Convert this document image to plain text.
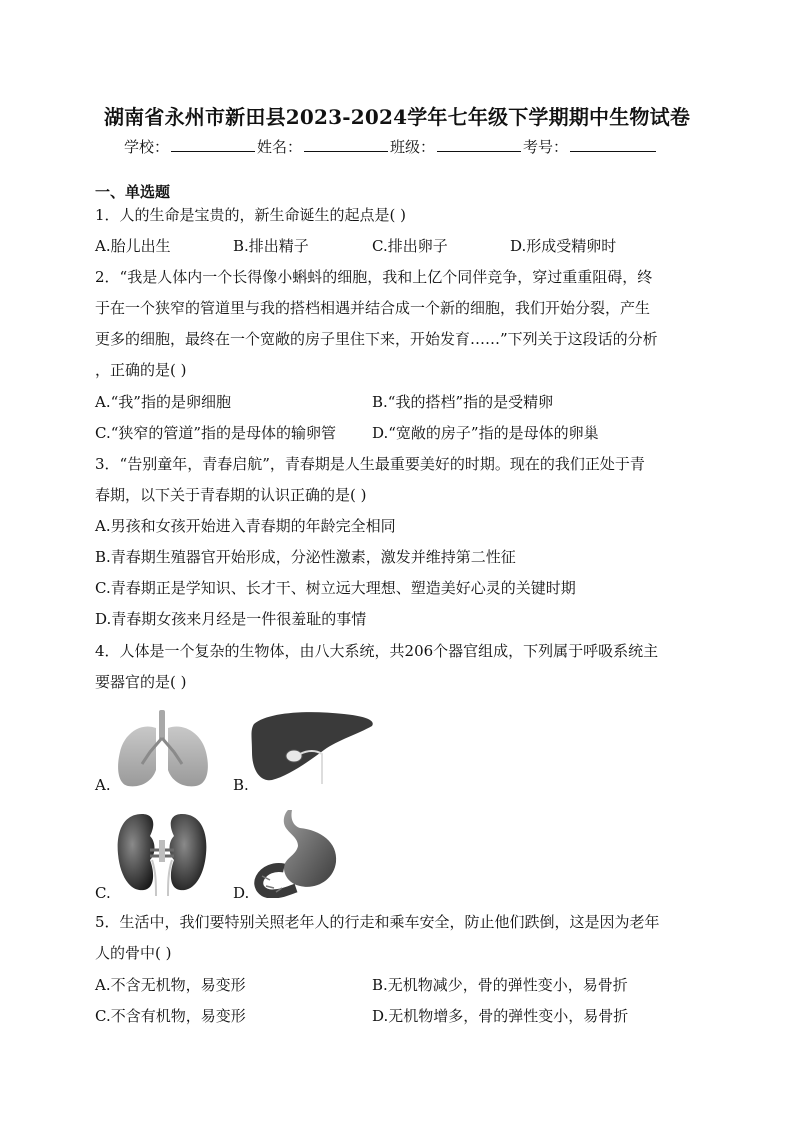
湖南省永州市新田县2023-2024学年七年级下学期期中生物试卷
学校：	姓名：	班级：	考号：
一、单选题
1．人的生命是宝贵的，新生命诞生的起点是( )
A.胎儿出生	B.排出精子	C.排出卵子	D.形成受精卵时
2．“我是人体内一个长得像小蝌蚪的细胞，我和上亿个同伴竞争，穿过重重阻碍，终
于在一个狭窄的管道里与我的搭档相遇并结合成一个新的细胞，我们开始分裂，产生
更多的细胞，最终在一个宽敞的房子里住下来，开始发育……”下列关于这段话的分析
，正确的是( )
A.“我”指的是卵细胞	B.“我的搭档”指的是受精卵
C.“狭窄的管道”指的是母体的输卵管 D.“宽敞的房子”指的是母体的卵巢
3．“告别童年，青春启航”，青春期是人生最重要美好的时期。现在的我们正处于青
春期，以下关于青春期的认识正确的是( )
A.男孩和女孩开始进入青春期的年龄完全相同
B.青春期生殖器官开始形成，分泌性激素，激发并维持第二性征
C.青春期正是学知识、长才干、树立远大理想、塑造美好心灵的关键时期
D.青春期女孩来月经是一件很羞耻的事情
4．人体是一个复杂的生物体，由八大系统，共206个器官组成，下列属于呼吸系统主
要器官的是( )
A.	B.
C.	D.
5．生活中，我们要特别关照老年人的行走和乘车安全，防止他们跌倒，这是因为老年
人的骨中( )
A.不含无机物，易变形	B.无机物减少，骨的弹性变小，易骨折
C.不含有机物，易变形	D.无机物增多，骨的弹性变小，易骨折
